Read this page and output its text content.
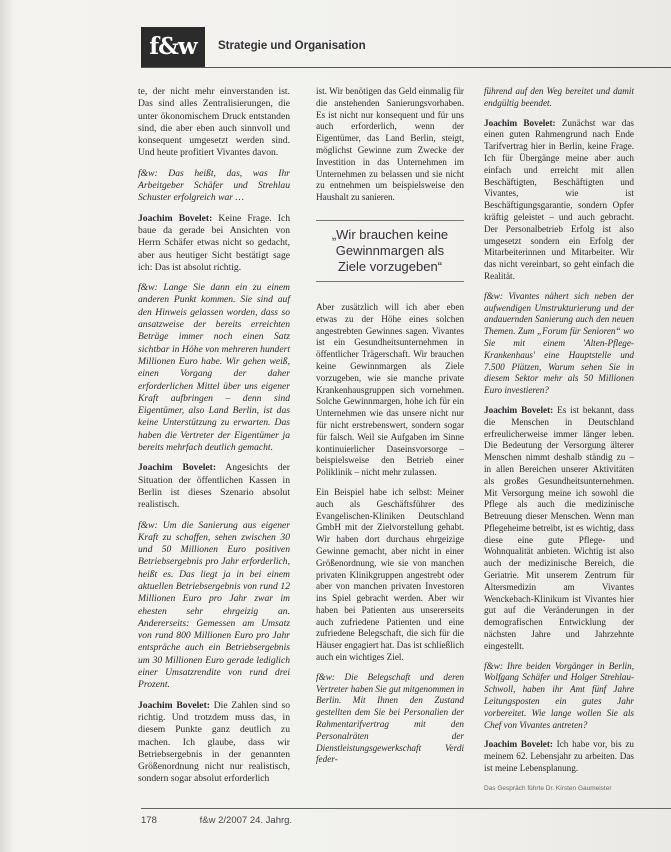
f&w	Strategie und Organisation

te, der nicht mehr einverstanden ist. Das sind alles Zentralisierungen, die unter ökonomischem Druck entstanden sind, die aber eben auch sinnvoll und konsequent umgesetzt werden sind. Und heute profitiert Vivantes davon.

f&w: Das heißt, das, was Ihr Arbeitgeber Schäfer und Strehlau Schuster erfolgreich war …

Joachim Bovelet: Keine Frage. Ich baue da gerade bei Ansichten von Herrn Schäfer etwas nicht so gedacht, aber aus heutiger Sicht bestätigt sage ich: Das ist absolut richtig.

f&w: Lange Sie dann ein zu einem anderen Punkt kommen. Sie sind auf den Hinweis gelassen worden, dass so ansatzweise der bereits erreichten Beträge immer noch einen Satz sichtbar in Höhe von mehreren hundert Millionen Euro habe. Wir gehen weiß, einen Vorgang der daher erforderlichen Mittel über uns eigener Kraft aufbringen – denn sind Eigentümer, also Land Berlin, ist das keine Unterstützung zu erwarten. Das haben die Vertreter der Eigentümer ja bereits mehrfach deutlich gemacht.

Joachim Bovelet: Angesichts der Situation der öffentlichen Kassen in Berlin ist dieses Szenario absolut realistisch.

f&w: Um die Sanierung aus eigener Kraft zu schaffen, sehen zwischen 30 und 50 Millionen Euro positiven Betriebsergebnis pro Jahr erforderlich, heißt es. Das liegt ja in bei einem aktuellen Betriebsergebnis von rund 12 Millionen Euro pro Jahr zwar im ehesten sehr ehrgeizig an. Andererseits: Gemessen am Umsatz von rund 800 Millionen Euro pro Jahr entspräche auch ein Betriebsergebnis um 30 Millionen Euro gerade lediglich einer Umsatzrendite von rund drei Prozent.

Joachim Bovelet: Die Zahlen sind so richtig. Und trotzdem muss das, in diesem Punkte ganz deutlich zu machen. Ich glaube, dass wir Betriebsergebnis in der genannten Größenordnung nicht nur realistisch, sondern sogar absolut erforderlich

ist. Wir benötigen das Geld einmalig für die anstehenden Sanierungsvorhaben. Es ist nicht nur konsequent und für uns auch erforderlich, wenn der Eigentümer, das Land Berlin, steigt, möglichst Gewinne zum Zwecke der Investition in das Unternehmen im Unternehmen zu belassen und sie nicht zu entnehmen um beispielsweise den Haushalt zu sanieren.

„Wir brauchen keine Gewinnmargen als Ziele vorzugeben“

Aber zusätzlich will ich aber eben etwas zu der Höhe eines solchen angestrebten Gewinnes sagen. Vivantes ist ein Gesundheitsunternehmen in öffentlicher Trägerschaft. Wir brauchen keine Gewinnmargen als Ziele vorzugeben, wie sie manche private Krankenhausgruppen sich vornehmen. Solche Gewinnmargen, hohe ich für ein Unternehmen wie das unsere nicht nur für nicht erstrebenswert, sondern sogar für falsch. Weil sie Aufgaben im Sinne kontinuierlicher Daseinsvorsorge – beispielsweise den Betrieb einer Poliklinik – nicht mehr zulassen.

Ein Beispiel habe ich selbst: Meiner auch als Geschäftsführer des Evangelischen-Kliniken Deutschland GmbH mit der Zielvorstellung gehabt. Wir haben dort durchaus ehrgeizige Gewinne gemacht, aber nicht in einer Größenordnung, wie sie von manchen privaten Klinikgruppen angestrebt oder aber von manchen privaten Investoren ins Spiel gebracht werden. Aber wir haben bei Patienten aus unsererseits auch zufriedene Patienten und eine zufriedene Belegschaft, die sich für die Häuser engagiert hat. Das ist schließlich auch ein wichtiges Ziel.

f&w: Die Belegschaft und deren Vertreter haben Sie gut mitgenommen in Berlin. Mit Ihnen den Zustand gestellten dem Sie bei Personalien der Rahmentarifvertrag mit den Personalräten der Dienstleistungsgewerkschaft Verdi feder-

führend auf den Weg bereitet und damit endgültig beendet.

Joachim Bovelet: Zunächst war das einen guten Rahmengrund nach Ende Tarifvertrag hier in Berlin, keine Frage. Ich für Übergänge meine aber auch einfach und erreicht mit allen Beschäftigten, Beschäftigten und Vivantes, wie ist Beschäftigungsgarantie, sondern Opfer kräftig geleistet – und auch gebracht. Der Personalbetrieb Erfolg ist also umgesetzt sondern ein Erfolg der Mitarbeiterinnen und Mitarbeiter. Wir das nicht vereinbart, so geht einfach die Realität.

f&w: Vivantes nähert sich neben der aufwendigen Umstrukturierung und der andauernden Sanierung auch den neuen Themen. Zum „Forum für Senioren“ wo Sie mit einem 'Alten-Pflege-Krankenhaus' eine Hauptstelle und 7.500 Plätzen, Warum sehen Sie in diesem Sektor mehr als 50 Millionen Euro investieren?

Joachim Bovelet: Es ist bekannt, dass die Menschen in Deutschland erfreulicherweise immer länger leben. Die Bedeutung der Versorgung älterer Menschen nimmt deshalb ständig zu – in allen Bereichen unserer Aktivitäten als großes Gesundheitsunternehmen. Mit Versorgung meine ich sowohl die Pflege als auch die medizinische Betreuung dieser Menschen. Wenn man Pflegeheime betreibt, ist es wichtig, dass diese eine gute Pflege- und Wohnqualität anbieten. Wichtig ist also auch der medizinische Bereich, die Geriatrie. Mit unserem Zentrum für Altersmedizin am Vivantes Wenckebach-Klinikum ist Vivantes hier gut auf die Veränderungen in der demografischen Entwicklung der nächsten Jahre und Jahrzehnte eingestellt.

f&w: Ihre beiden Vorgänger in Berlin, Wolfgang Schäfer und Holger Strehlau-Schwoll, haben ihr Amt fünf Jahre Leitungsposten ein gutes Jahr vorbereitet. Wie lange wollen Sie als Chef von Vivantes antreten?

Joachim Bovelet: Ich habe vor, bis zu meinem 62. Lebensjahr zu arbeiten. Das ist meine Lebensplanung.

Das Gespräch führte Dr. Kirsten Gaumeister
178	f&w 2/2007 24. Jahrg.
